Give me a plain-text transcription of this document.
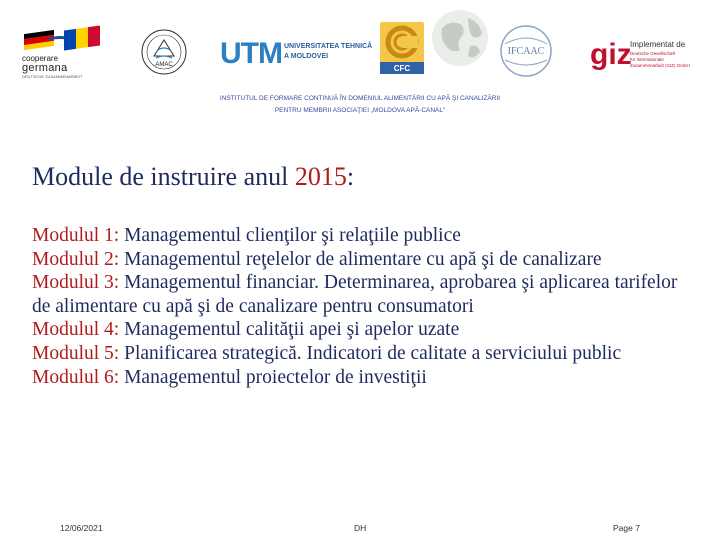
cooperare
germana
DEUTSCHE ZUSAMMENARBEIT
AMAC UTM UNIVERSITATEA TEHNICĂ
A MOLDOVEI
CFC
IFCAAC giz
Implementat de
Deutsche Gesellschaft
für Internationale
Zusammenarbeit (GIZ) GmbH
INSTITUTUL DE FORMARE CONTINUĂ ÎN DOMENIUL ALIMENTĂRII CU APĂ ŞI CANALIZĂRII
PENTRU MEMBRII ASOCIAŢIEI „MOLDOVA APĂ-CANAL”
Module de instruire anul 2015:

Modulul 1: Managementul clienţilor şi relaţiile publice

Modulul 2: Managementul reţelelor de alimentare cu apă şi de canalizare

Modulul 3: Managementul financiar. Determinarea, aprobarea şi aplicarea tarifelor de alimentare cu apă şi de canalizare pentru consumatori

Modulul 4: Managementul calităţii apei şi apelor uzate

Modulul 5: Planificarea strategică. Indicatori de calitate a serviciului public

Modulul 6: Managementul proiectelor de investiţii

12/06/2021	DH	Page 7
